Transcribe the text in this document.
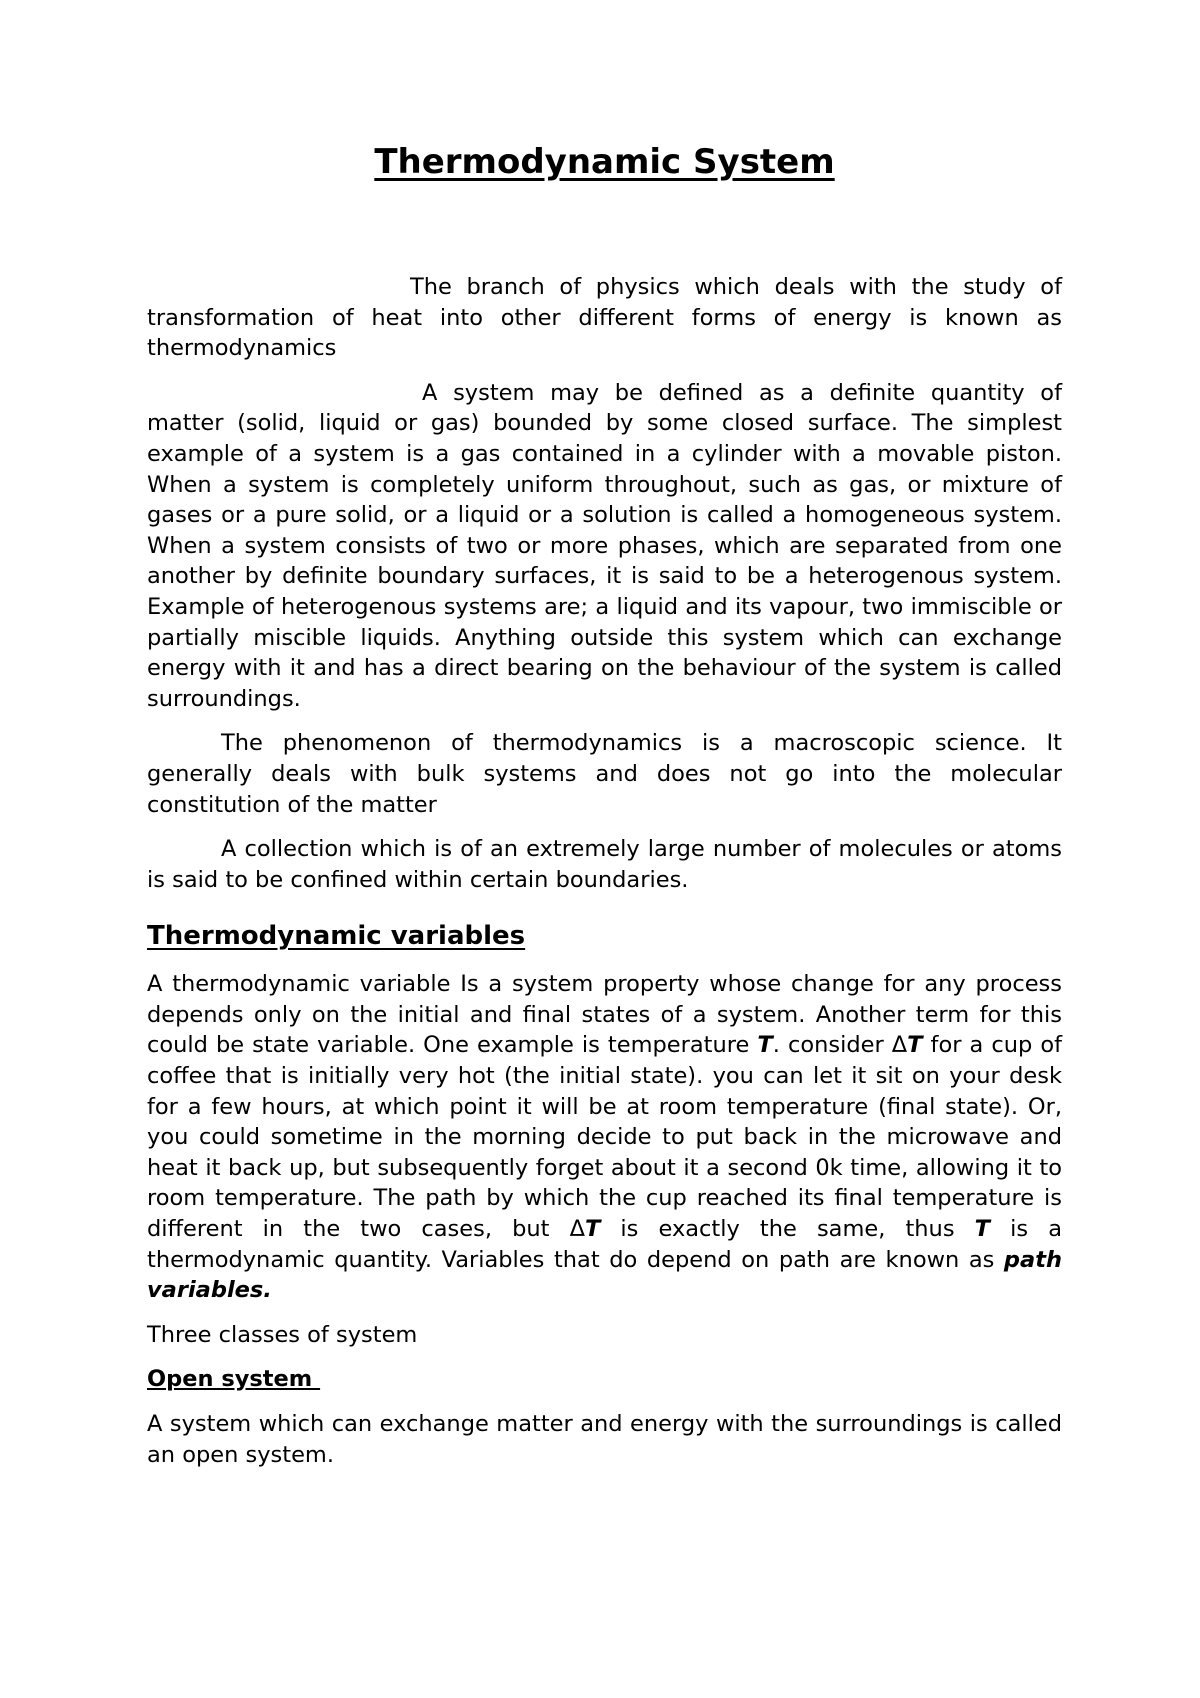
Thermodynamic System

The branch of physics which deals with the study of transformation of heat into other different forms of energy is known as thermodynamics

A system may be defined as a definite quantity of matter (solid, liquid or gas) bounded by some closed surface. The simplest example of a system is a gas contained in a cylinder with a movable piston. When a system is completely uniform throughout, such as gas, or mixture of gases or a pure solid, or a liquid or a solution is called a homogeneous system. When a system consists of two or more phases, which are separated from one another by definite boundary surfaces, it is said to be a heterogenous system. Example of heterogenous systems are; a liquid and its vapour, two immiscible or partially miscible liquids. Anything outside this system which can exchange energy with it and has a direct bearing on the behaviour of the system is called surroundings.

The phenomenon of thermodynamics is a macroscopic science. It generally deals with bulk systems and does not go into the molecular constitution of the matter

A collection which is of an extremely large number of molecules or atoms is said to be confined within certain boundaries.

Thermodynamic variables

A thermodynamic variable Is a system property whose change for any process depends only on the initial and final states of a system. Another term for this could be state variable. One example is temperature T. consider ΔT for a cup of coffee that is initially very hot (the initial state). you can let it sit on your desk for a few hours, at which point it will be at room temperature (final state). Or, you could sometime in the morning decide to put back in the microwave and heat it back up, but subsequently forget about it a second 0k time, allowing it to room temperature. The path by which the cup reached its final temperature is different in the two cases, but ΔT is exactly the same, thus T is a thermodynamic quantity. Variables that do depend on path are known as path variables.

Three classes of system

Open system

A system which can exchange matter and energy with the surroundings is called an open system.
